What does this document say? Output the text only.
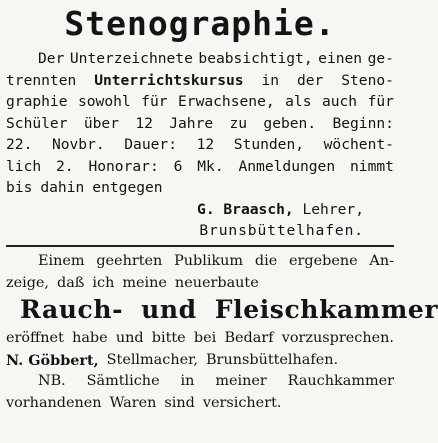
Stenographie.
Der Unterzeichnete beabsichtigt, einen ge-
trennten Unterrichtskursus in der Steno-
graphie sowohl für Erwachsene, als auch für
Schüler über 12 Jahre zu geben. Beginn:
22. Novbr. Dauer: 12 Stunden, wöchent-
lich 2. Honorar: 6 Mk. Anmeldungen nimmt
bis dahin entgegen
G. Braasch, Lehrer,
Brunsbüttelhafen.
Einem geehrten Publikum die ergebene An-
zeige, daß ich meine neuerbaute
Rauch- und Fleischkammer
eröffnet habe und bitte bei Bedarf vorzusprechen.
N. Göbbert, Stellmacher, Brunsbüttelhafen.
NB. Sämtliche in meiner Rauchkammer
vorhandenen Waren sind versichert.
